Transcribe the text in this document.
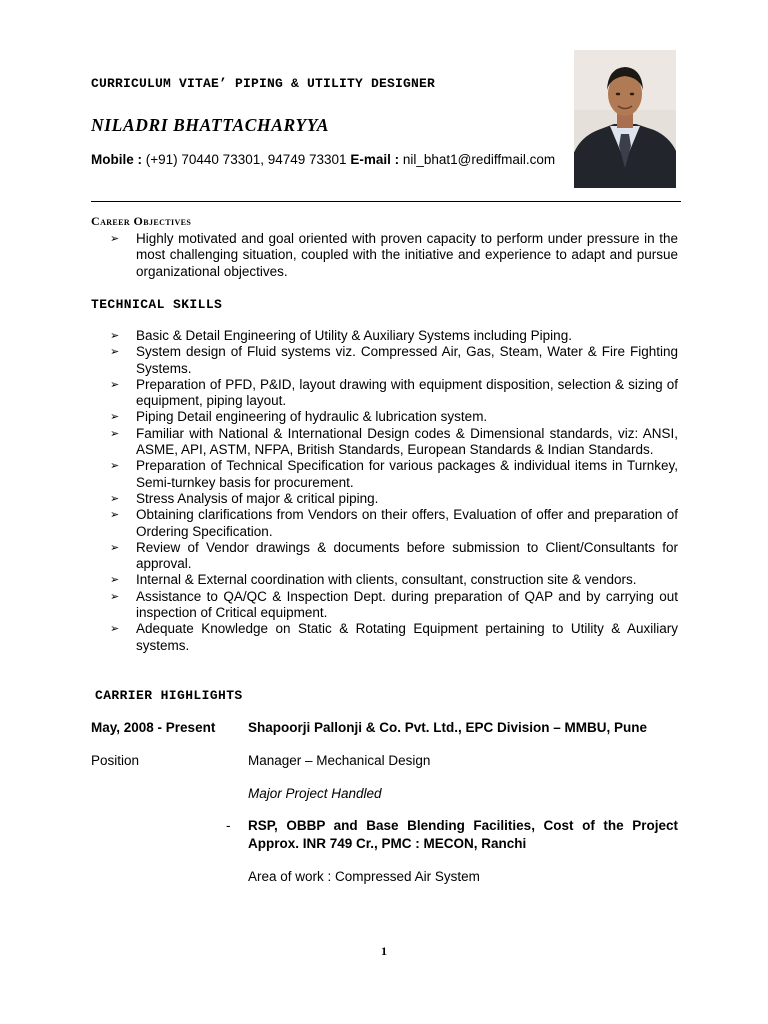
CURRICULUM VITAE’ PIPING & UTILITY DESIGNER
NILADRI BHATTACHARYYA
Mobile : (+91) 70440 73301, 94749 73301 E-mail : nil_bhat1@rediffmail.com
Career Objectives
➢ Highly motivated and goal oriented with proven capacity to perform under pressure in the most challenging situation, coupled with the initiative and experience to adapt and pursue organizational objectives.
TECHNICAL SKILLS
➢ Basic & Detail Engineering of Utility & Auxiliary Systems including Piping.
➢ System design of Fluid systems viz. Compressed Air, Gas, Steam, Water & Fire Fighting Systems.
➢ Preparation of PFD, P&ID, layout drawing with equipment disposition, selection & sizing of equipment, piping layout.
➢ Piping Detail engineering of hydraulic & lubrication system.
➢ Familiar with National & International Design codes & Dimensional standards, viz: ANSI, ASME, API, ASTM, NFPA, British Standards, European Standards & Indian Standards.
➢ Preparation of Technical Specification for various packages & individual items in Turnkey, Semi-turnkey basis for procurement.
➢ Stress Analysis of major & critical piping.
➢ Obtaining clarifications from Vendors on their offers, Evaluation of offer and preparation of Ordering Specification.
➢ Review of Vendor drawings & documents before submission to Client/Consultants for approval.
➢ Internal & External coordination with clients, consultant, construction site & vendors.
➢ Assistance to QA/QC & Inspection Dept. during preparation of QAP and by carrying out inspection of Critical equipment.
➢ Adequate Knowledge on Static & Rotating Equipment pertaining to Utility & Auxiliary systems.
CARRIER HIGHLIGHTS
May, 2008 - Present Shapoorji Pallonji & Co. Pvt. Ltd., EPC Division – MMBU, Pune
Position	Manager – Mechanical Design
Major Project Handled
- RSP, OBBP and Base Blending Facilities, Cost of the Project Approx. INR 749 Cr., PMC : MECON, Ranchi
Area of work : Compressed Air System
1
